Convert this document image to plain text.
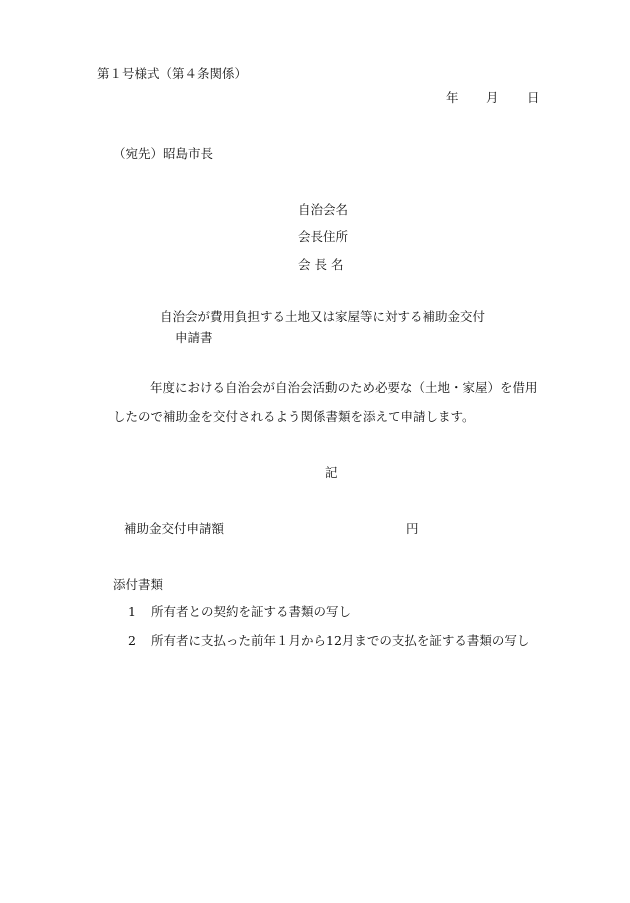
第１号様式（第４条関係）
年 月 日
（宛先）昭島市長
自治会名
会長住所
会 長 名
自治会が費用負担する土地又は家屋等に対する補助金交付
申請書
年度における自治会が自治会活動のため必要な（土地・家屋）を借用
したので補助金を交付されるよう関係書類を添えて申請します。
記
補助金交付申請額	円
添付書類
1 所有者との契約を証する書類の写し
2 所有者に支払った前年１月から12月までの支払を証する書類の写し
